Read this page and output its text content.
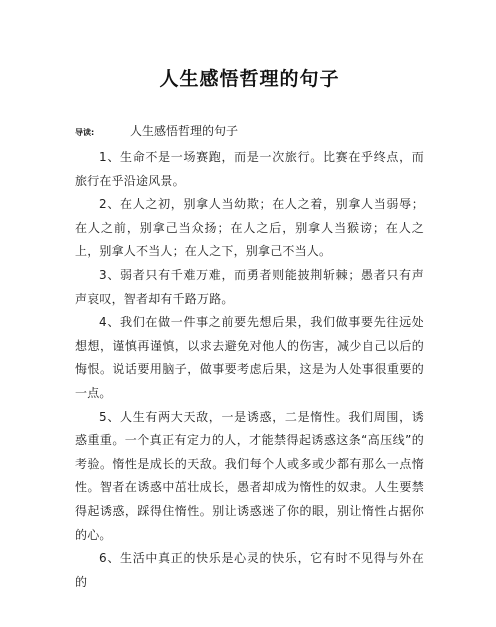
人生感悟哲理的句子
导读:	人生感悟哲理的句子

1、生命不是一场赛跑，而是一次旅行。比赛在乎终点，而旅行在乎沿途风景。

2、在人之初，别拿人当幼欺；在人之着，别拿人当弱辱；在人之前，别拿己当众扬；在人之后，别拿人当猴谤；在人之上，别拿人不当人；在人之下，别拿己不当人。

3、弱者只有千难万难，而勇者则能披荆斩棘；愚者只有声声哀叹，智者却有千路万路。

4、我们在做一件事之前要先想后果，我们做事要先往远处想想，谨慎再谨慎，以求去避免对他人的伤害，减少自己以后的悔恨。说话要用脑子，做事要考虑后果，这是为人处事很重要的一点。

5、人生有两大天敌，一是诱惑，二是惰性。我们周围，诱惑重重。一个真正有定力的人，才能禁得起诱惑这条“高压线”的考验。惰性是成长的天敌。我们每个人或多或少都有那么一点惰性。智者在诱惑中茁壮成长，愚者却成为惰性的奴隶。人生要禁得起诱惑，踩得住惰性。别让诱惑迷了你的眼，别让惰性占据你的心。

6、生活中真正的快乐是心灵的快乐，它有时不见得与外在的
